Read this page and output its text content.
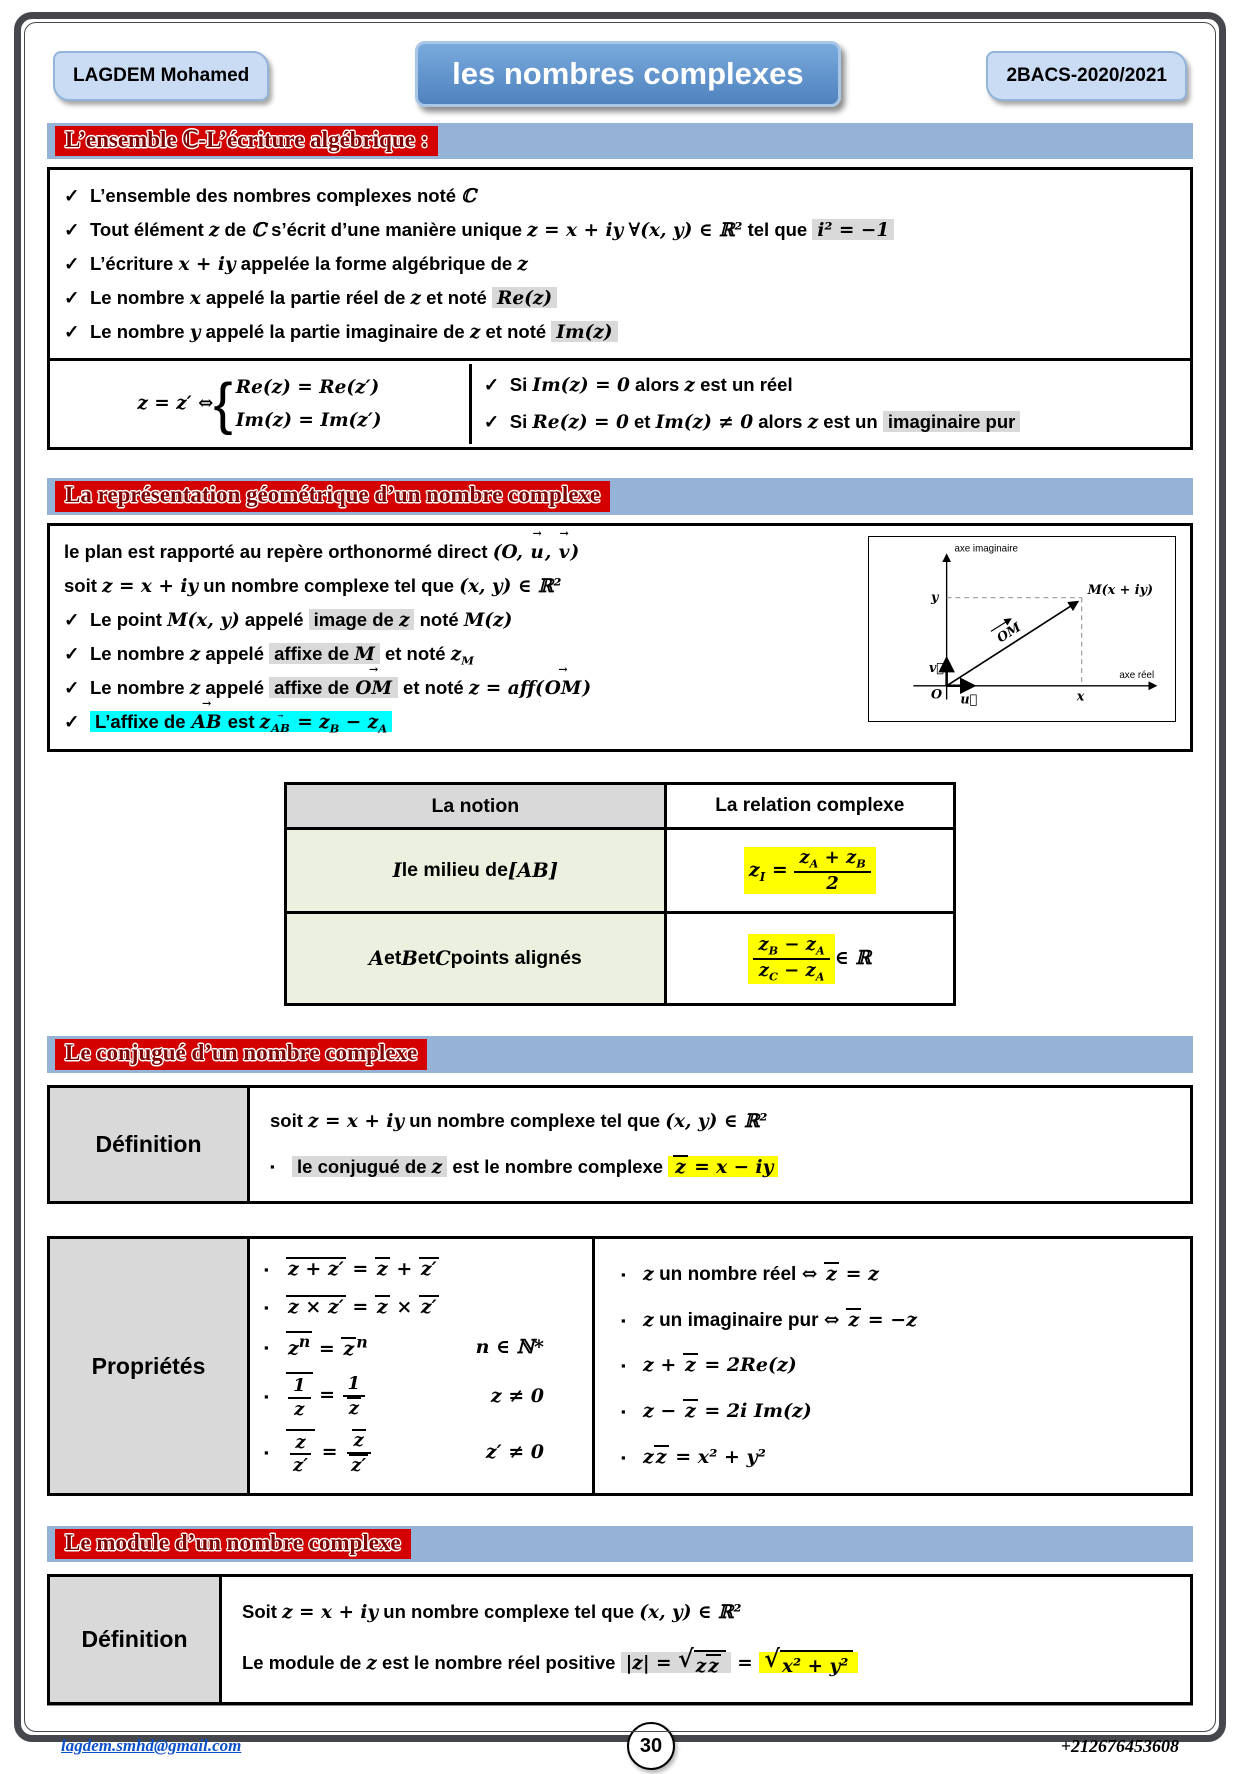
LAGDEM Mohamed	les nombres complexes	2BACS-2020/2021
L’ensemble ℂ-L’écriture algébrique :
✓ L’ensemble des nombres complexes noté ℂ
✓ Tout élément z de ℂ s’écrit d’une manière unique z = x + iy ∀(x, y) ∈ ℝ² tel que i² = −1
✓ L’écriture x + iy appelée la forme algébrique de z
✓ Le nombre x appelé la partie réel de z et noté Re(z)
✓ Le nombre y appelé la partie imaginaire de z et noté Im(z)
z = z′ ⇔ { Re(z) = Re(z′)
Im(z) = Im(z′)
✓ Si Im(z) = 0 alors z est un réel
✓ Si Re(z) = 0 et Im(z) ≠ 0 alors z est un imaginaire pur
La représentation géométrique d’un nombre complexe
axe imaginaire
axe réel
M(x + iy)
OM
y
x
O u⃗
v⃗
le plan est rapporté au repère orthonormé direct (O, u →, v →)
soit z = x + iy un nombre complexe tel que (x, y) ∈ ℝ²
✓ Le point M(x, y) appelé image de z noté M(z)
✓ Le nombre z appelé affixe de M et noté $z_M$
✓ Le nombre z appelé affixe de OM → et noté z = aff(OM →)
✓ L’affixe de AB → est $z_{AB}$ → = $z_B - z_A$
La notion	La relation complexe
I le milieu de [AB]	$z_I = \frac{z_A + z_B}{2}$
A et B et C points alignés	$\frac{z_B - z_A}{z_C - z_A}$ ∈ ℝ
Le conjugué d’un nombre complexe
Définition
soit z = x + iy un nombre complexe tel que (x, y) ∈ ℝ²
▪ le conjugué de z est le nombre complexe z = x − iy
Propriétés
▪	z + z′ = z + z′
▪	z × z′ = z × z′
▪	$z^n = z$ $^n$	n ∈ ℕ*
▪	$\frac{1}{z} = \frac{1}{z}$	z ≠ 0
▪	$\frac{z}{z'} = \frac{z}{z'}$	z′ ≠ 0
▪ z un nombre réel ⇔ z = z
▪ z un imaginaire pur ⇔ z = −z
▪ z + z = 2Re(z)
▪ z − z = 2i Im(z)
▪ z z = x² + y²
Le module d’un nombre complexe
Définition
Soit z = x + iy un nombre complexe tel que (x, y) ∈ ℝ²
Le module de z est le nombre réel positive |z| = √ z z = √ x² + y²
lagdem.smhd@gmail.com	30	+212676453608
